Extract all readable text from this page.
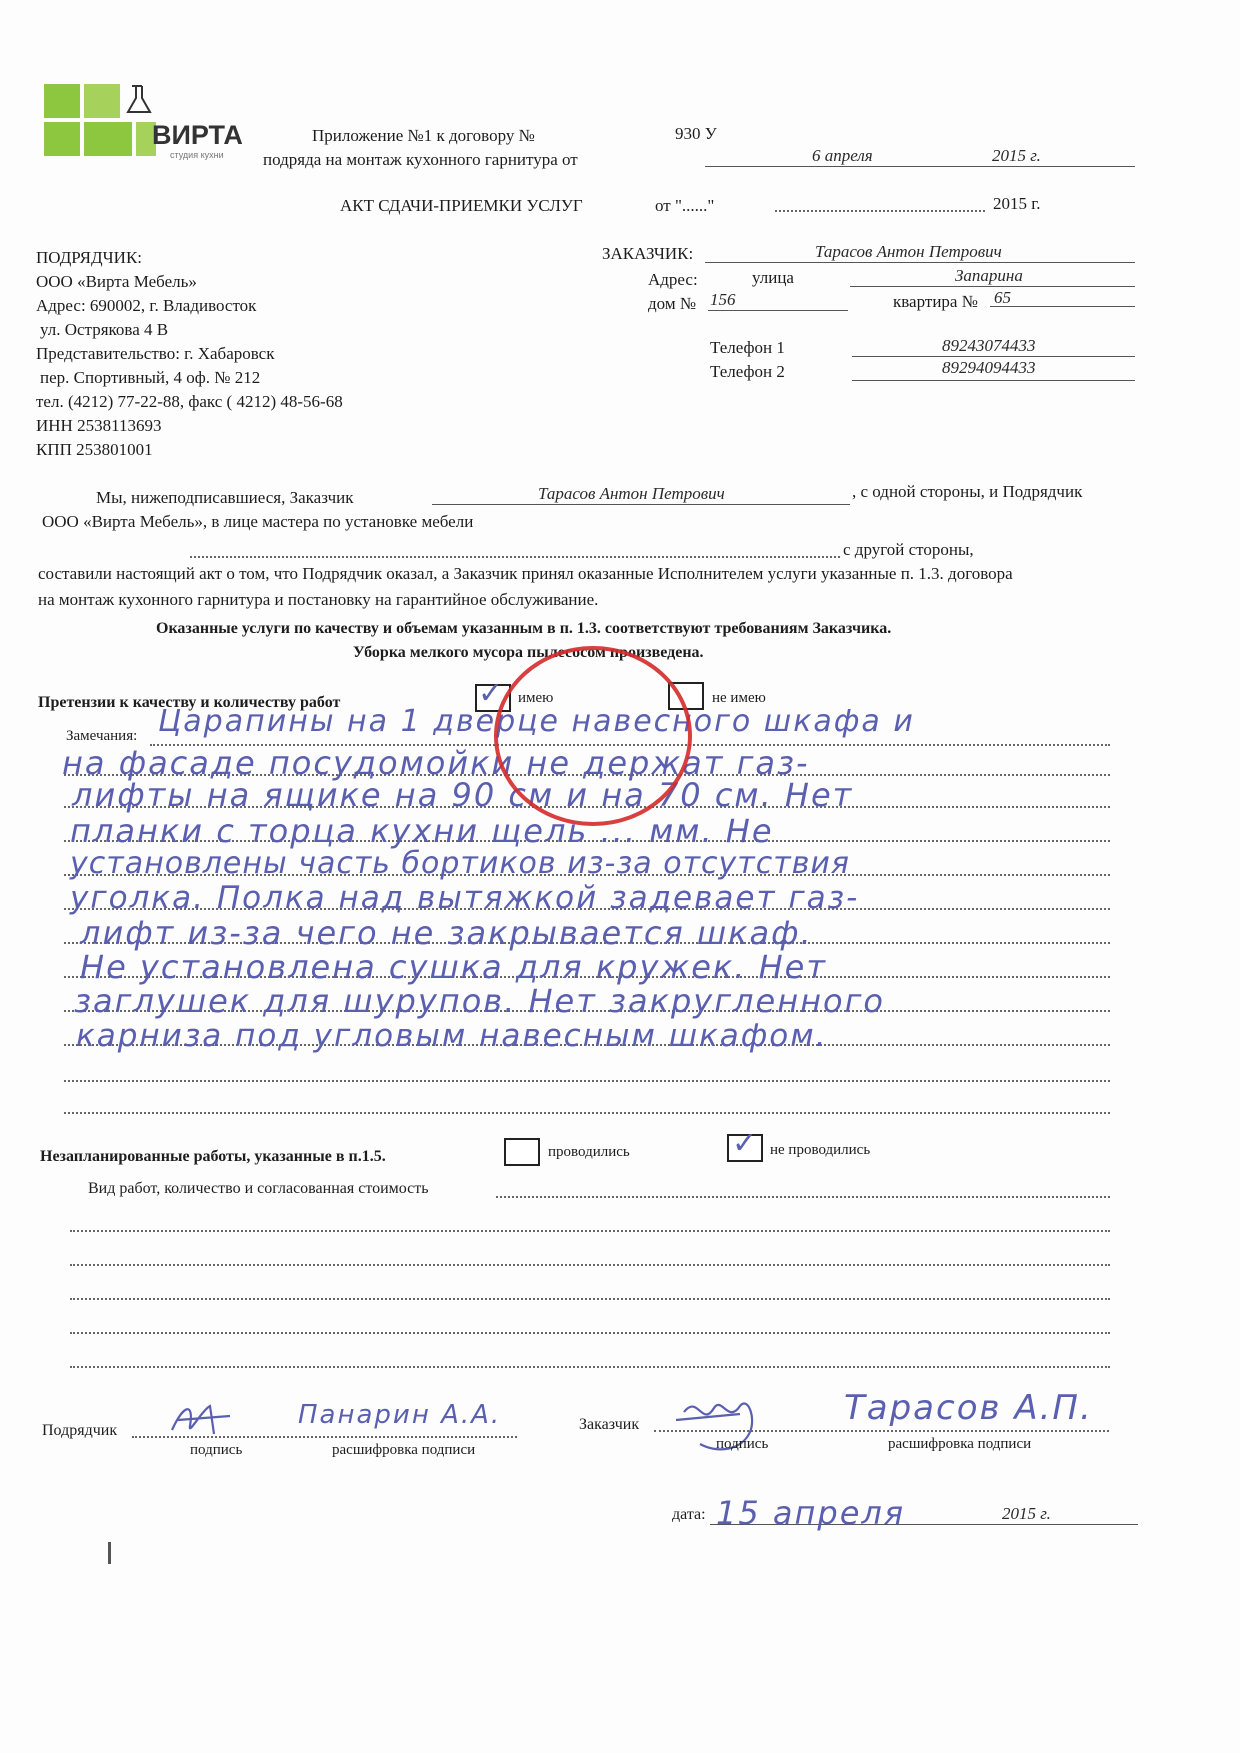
ВИРТА
студия кухни
Приложение №1 к договору №	930 У
подряда на монтаж кухонного гарнитура от	6 апреля	2015 г.
АКТ СДАЧИ-ПРИЕМКИ УСЛУГ	от "......"	2015 г.
ПОДРЯДЧИК:
ООО «Вирта Мебель»
Адрес: 690002, г. Владивосток
ул. Острякова 4 В
Представительство: г. Хабаровск
пер. Спортивный, 4 оф. № 212
тел. (4212) 77-22-88, факс ( 4212) 48-56-68
ИНН 2538113693
КПП 253801001
ЗАКАЗЧИК:	Тарасов Антон Петрович
Адрес:	улица	Запарина
дом № 156	квартира № 65
Телефон 1	89243074433
Телефон 2	89294094433
Мы, нижеподписавшиеся, Заказчик	Тарасов Антон Петрович	, с одной стороны, и Подрядчик
ООО «Вирта Мебель», в лице мастера по установке мебели
с другой стороны,
составили настоящий акт о том, что Подрядчик оказал, а Заказчик принял оказанные Исполнителем услуги указанные п. 1.3. договора
на монтаж кухонного гарнитура и постановку на гарантийное обслуживание.
Оказанные услуги по качеству и объемам указанным в п. 1.3. соответствуют требованиям Заказчика.
Уборка мелкого мусора пылесосом произведена.
Претензии к качеству и количеству работ	✓ имею	не имею
Замечания: Царапины на 1 дверце навесного шкафа и
на фасаде посудомойки не держат газ-
лифты на ящике на 90 см и на 70 см. Нет
планки с торца кухни щель ... мм. Не
установлены часть бортиков из-за отсутствия
уголка. Полка над вытяжкой задевает газ-
лифт из-за чего не закрывается шкаф.
Не установлена сушка для кружек. Нет
заглушек для шурупов. Нет закругленного
карниза под угловым навесным шкафом.
Незапланированные работы, указанные в п.1.5.	проводились	✓ не проводились
Вид работ, количество и согласованная стоимость
Подрядчик
Панарин А.А.
подпись	расшифровка подписи
Заказчик	Тарасов А.П.
подпись	расшифровка подписи
дата: 15 апреля	2015 г.
